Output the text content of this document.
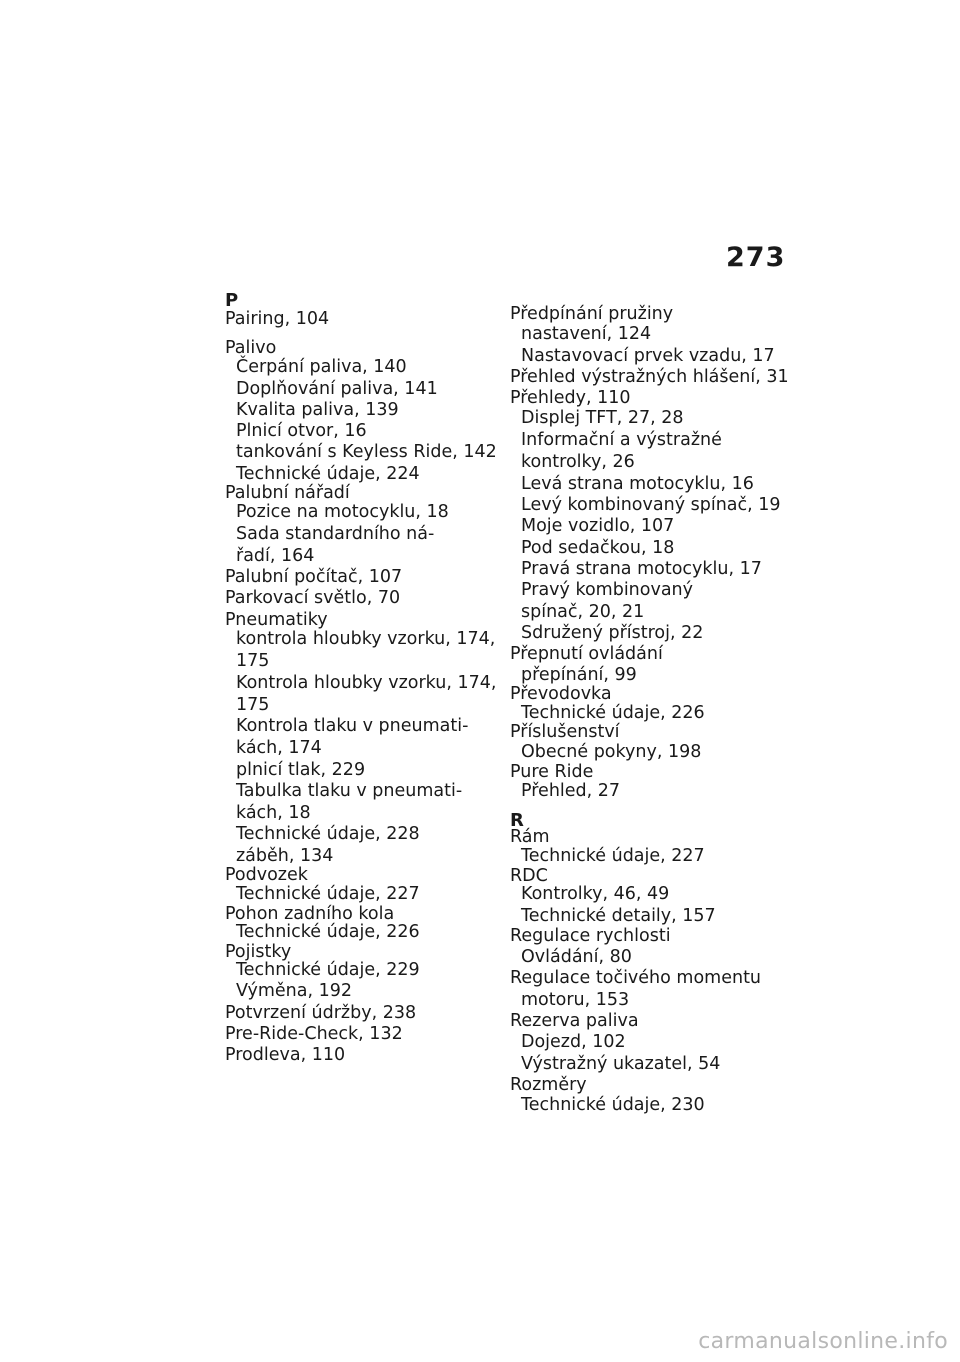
273
P
Pairing, 104
Palivo
Čerpání paliva, 140
Doplňování paliva, 141
Kvalita paliva, 139
Plnicí otvor, 16
tankování s Keyless Ride, 142
Technické údaje, 224
Palubní nářadí
Pozice na motocyklu, 18
Sada standardního ná-
řadí, 164
Palubní počítač, 107
Parkovací světlo, 70
Pneumatiky
kontrola hloubky vzorku, 174,
175
Kontrola hloubky vzorku, 174,
175
Kontrola tlaku v pneumati-
kách, 174
plnicí tlak, 229
Tabulka tlaku v pneumati-
kách, 18
Technické údaje, 228
záběh, 134
Podvozek
Technické údaje, 227
Pohon zadního kola
Technické údaje, 226
Pojistky
Technické údaje, 229
Výměna, 192
Potvrzení údržby, 238
Pre-Ride-Check, 132
Prodleva, 110
Předpínání pružiny
nastavení, 124
Nastavovací prvek vzadu, 17
Přehled výstražných hlášení, 31
Přehledy, 110
Displej TFT, 27, 28
Informační a výstražné
kontrolky, 26
Levá strana motocyklu, 16
Levý kombinovaný spínač, 19
Moje vozidlo, 107
Pod sedačkou, 18
Pravá strana motocyklu, 17
Pravý kombinovaný
spínač, 20, 21
Sdružený přístroj, 22
Přepnutí ovládání
přepínání, 99
Převodovka
Technické údaje, 226
Příslušenství
Obecné pokyny, 198
Pure Ride
Přehled, 27
R
Rám
Technické údaje, 227
RDC
Kontrolky, 46, 49
Technické detaily, 157
Regulace rychlosti
Ovládání, 80
Regulace točivého momentu
motoru, 153
Rezerva paliva
Dojezd, 102
Výstražný ukazatel, 54
Rozměry
Technické údaje, 230
carmanualsonline.info
